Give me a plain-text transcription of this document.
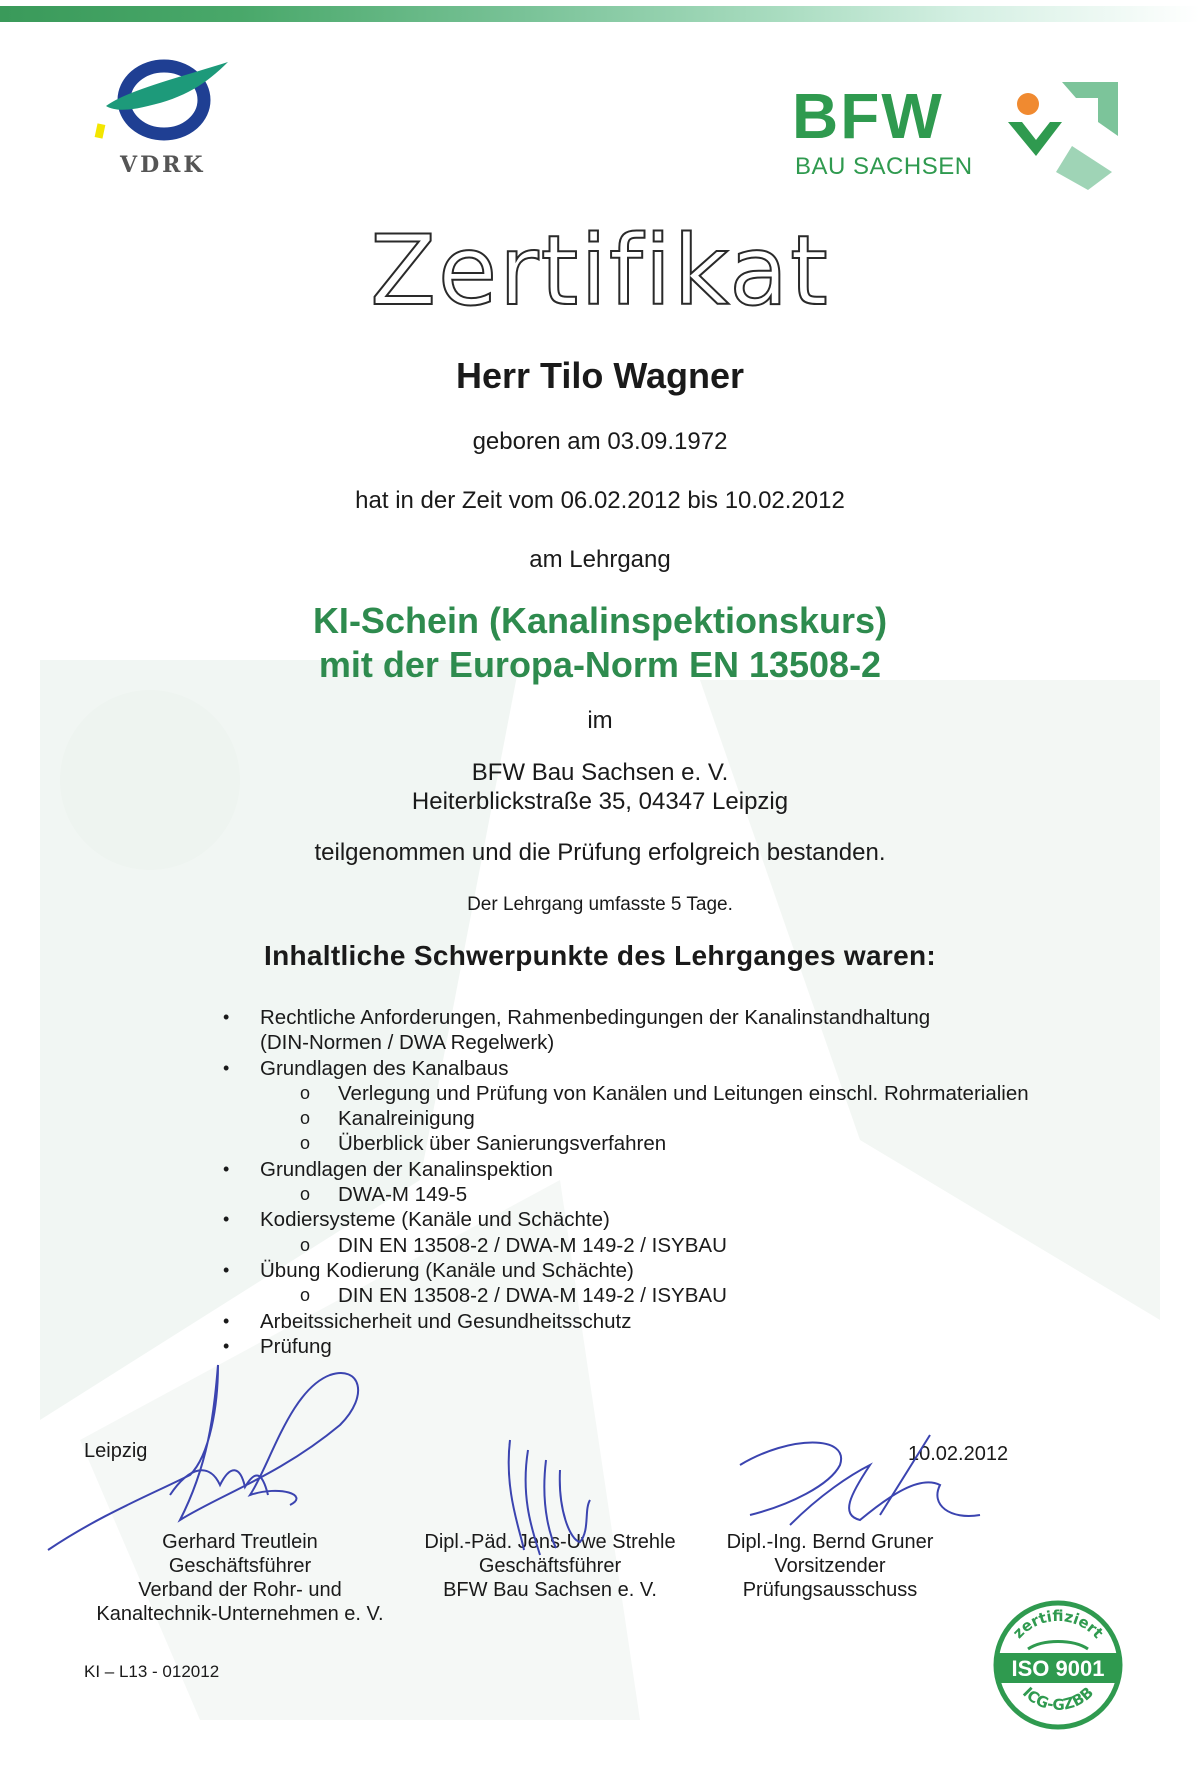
VDRK
BFW
BAU SACHSEN
Zertifikat
Herr Tilo Wagner
geboren am 03.09.1972
hat in der Zeit vom 06.02.2012 bis 10.02.2012
am Lehrgang
KI-Schein (Kanalinspektionskurs)
mit der Europa-Norm EN 13508-2
im
BFW Bau Sachsen e. V.
Heiterblickstraße 35, 04347 Leipzig
teilgenommen und die Prüfung erfolgreich bestanden.
Der Lehrgang umfasste 5 Tage.
Inhaltliche Schwerpunkte des Lehrganges waren:
• Rechtliche Anforderungen, Rahmenbedingungen der Kanalinstandhaltung
(DIN-Normen / DWA Regelwerk)
• Grundlagen des Kanalbaus
o Verlegung und Prüfung von Kanälen und Leitungen einschl. Rohrmaterialien
o Kanalreinigung
o Überblick über Sanierungsverfahren
• Grundlagen der Kanalinspektion
o DWA-M 149-5
• Kodiersysteme (Kanäle und Schächte)
o DIN EN 13508-2 / DWA-M 149-2 / ISYBAU
• Übung Kodierung (Kanäle und Schächte)
o DIN EN 13508-2 / DWA-M 149-2 / ISYBAU
• Arbeitssicherheit und Gesundheitsschutz
• Prüfung
Leipzig	10.02.2012
Gerhard Treutlein
Geschäftsführer
Verband der Rohr- und
Kanaltechnik-Unternehmen e. V.
Dipl.-Päd. Jens-Uwe Strehle
Geschäftsführer
BFW Bau Sachsen e. V.
Dipl.-Ing. Bernd Gruner
Vorsitzender
Prüfungsausschuss
KI – L13 - 012012
zertifiziert
ISO 9001
ICG-GZBB
